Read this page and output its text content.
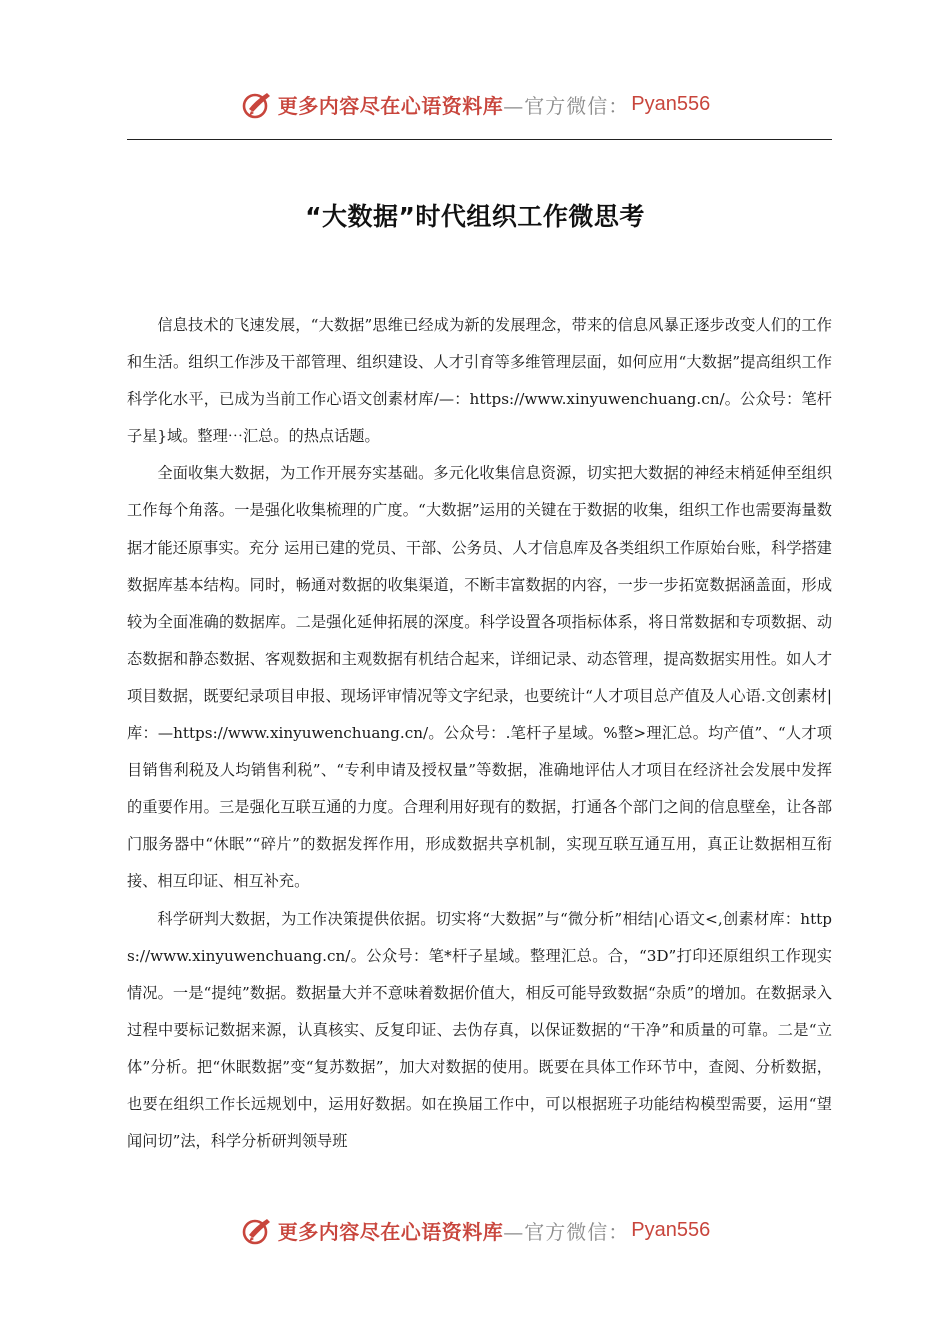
更多内容尽在心语资料库 —官方微信： Pyan556
“大数据”时代组织工作微思考

信息技术的飞速发展，“大数据”思维已经成为新的发展理念，带来的信息风暴正逐步改变人们的工作和生活。组织工作涉及干部管理、组织建设、人才引育等多维管理层面，如何应用“大数据”提高组织工作科学化水平，已成为当前工作心语文创素材库/—：https://www.xinyuwenchuang.cn/。公众号：笔杆子星}域。整理⋯汇总。的热点话题。

全面收集大数据，为工作开展夯实基础。多元化收集信息资源，切实把大数据的神经末梢延伸至组织工作每个角落。一是强化收集梳理的广度。“大数据”运用的关键在于数据的收集，组织工作也需要海量数据才能还原事实。充分 运用已建的党员、干部、公务员、人才信息库及各类组织工作原始台账，科学搭建数据库基本结构。同时，畅通对数据的收集渠道，不断丰富数据的内容，一步一步拓宽数据涵盖面，形成较为全面准确的数据库。二是强化延伸拓展的深度。科学设置各项指标体系，将日常数据和专项数据、动态数据和静态数据、客观数据和主观数据有机结合起来，详细记录、动态管理，提高数据实用性。如人才项目数据，既要纪录项目申报、现场评审情况等文字纪录，也要统计“人才项目总产值及人心语.文创素材|库：—https://www.xinyuwenchuang.cn/。公众号：.笔杆子星域。%整>理汇总。均产值”、“人才项目销售利税及人均销售利税”、“专利申请及授权量”等数据，准确地评估人才项目在经济社会发展中发挥的重要作用。三是强化互联互通的力度。合理利用好现有的数据，打通各个部门之间的信息壁垒，让各部门服务器中“休眠”“碎片”的数据发挥作用，形成数据共享机制，实现互联互通互用，真正让数据相互衔接、相互印证、相互补充。

科学研判大数据，为工作决策提供依据。切实将“大数据”与“微分析”相结|心语文<,创素材库：https://www.xinyuwenchuang.cn/。公众号：笔*杆子星域。整理汇总。合，“3D”打印还原组织工作现实情况。一是“提纯”数据。数据量大并不意味着数据价值大，相反可能导致数据“杂质”的增加。在数据录入过程中要标记数据来源，认真核实、反复印证、去伪存真，以保证数据的“干净”和质量的可靠。二是“立体”分析。把“休眠数据”变“复苏数据”，加大对数据的使用。既要在具体工作环节中，查阅、分析数据，也要在组织工作长远规划中，运用好数据。如在换届工作中，可以根据班子功能结构模型需要，运用“望闻问切”法，科学分析研判领导班

更多内容尽在心语资料库 —官方微信： Pyan556
